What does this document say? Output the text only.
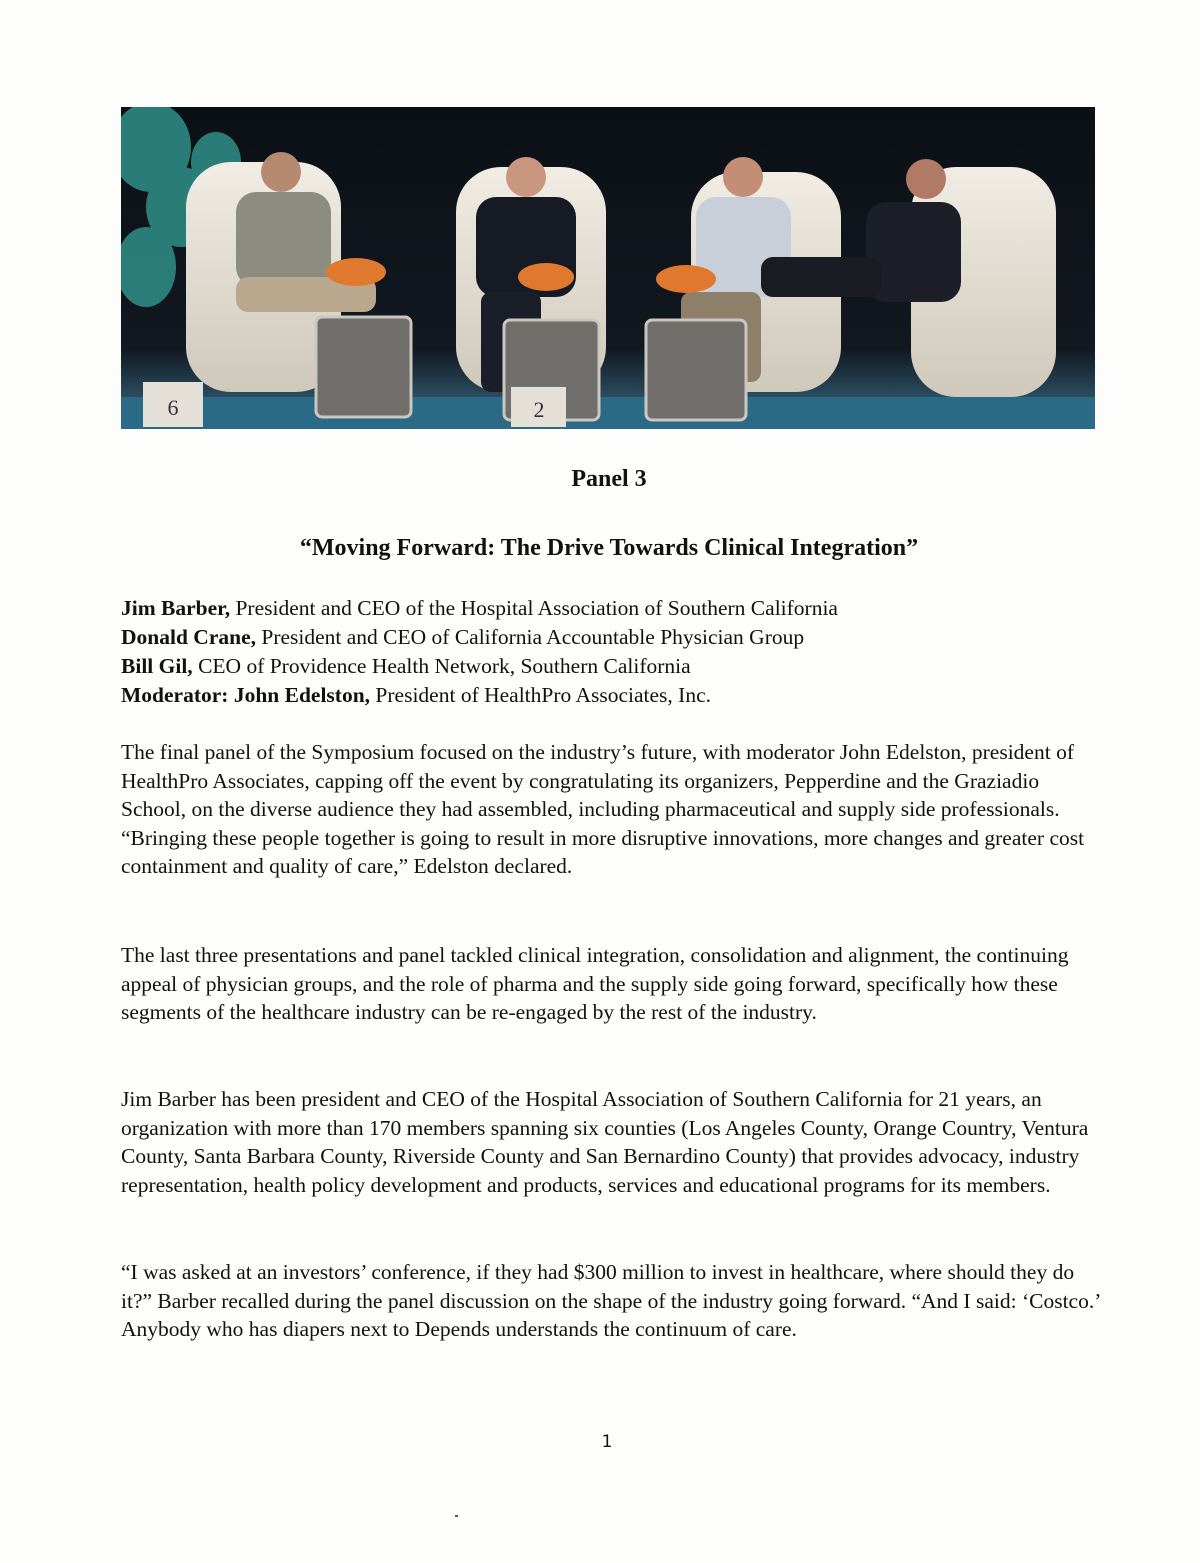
6	2
Panel 3
“Moving Forward: The Drive Towards Clinical Integration”
Jim Barber, President and CEO of the Hospital Association of Southern California
Donald Crane, President and CEO of California Accountable Physician Group
Bill Gil, CEO of Providence Health Network, Southern California
Moderator: John Edelston, President of HealthPro Associates, Inc.

The final panel of the Symposium focused on the industry’s future, with moderator John Edelston, president of HealthPro Associates, capping off the event by congratulating its organizers, Pepperdine and the Graziadio School, on the diverse audience they had assembled, including pharmaceutical and supply side professionals. “Bringing these people together is going to result in more disruptive innovations, more changes and greater cost containment and quality of care,” Edelston declared.

The last three presentations and panel tackled clinical integration, consolidation and alignment, the continuing appeal of physician groups, and the role of pharma and the supply side going forward, specifically how these segments of the healthcare industry can be re-engaged by the rest of the industry.

Jim Barber has been president and CEO of the Hospital Association of Southern California for 21 years, an organization with more than 170 members spanning six counties (Los Angeles County, Orange Country, Ventura County, Santa Barbara County, Riverside County and San Bernardino County) that provides advocacy, industry representation, health policy development and products, services and educational programs for its members.

“I was asked at an investors’ conference, if they had $300 million to invest in healthcare, where should they do it?” Barber recalled during the panel discussion on the shape of the industry going forward. “And I said: ‘Costco.’ Anybody who has diapers next to Depends understands the continuum of care.

1
